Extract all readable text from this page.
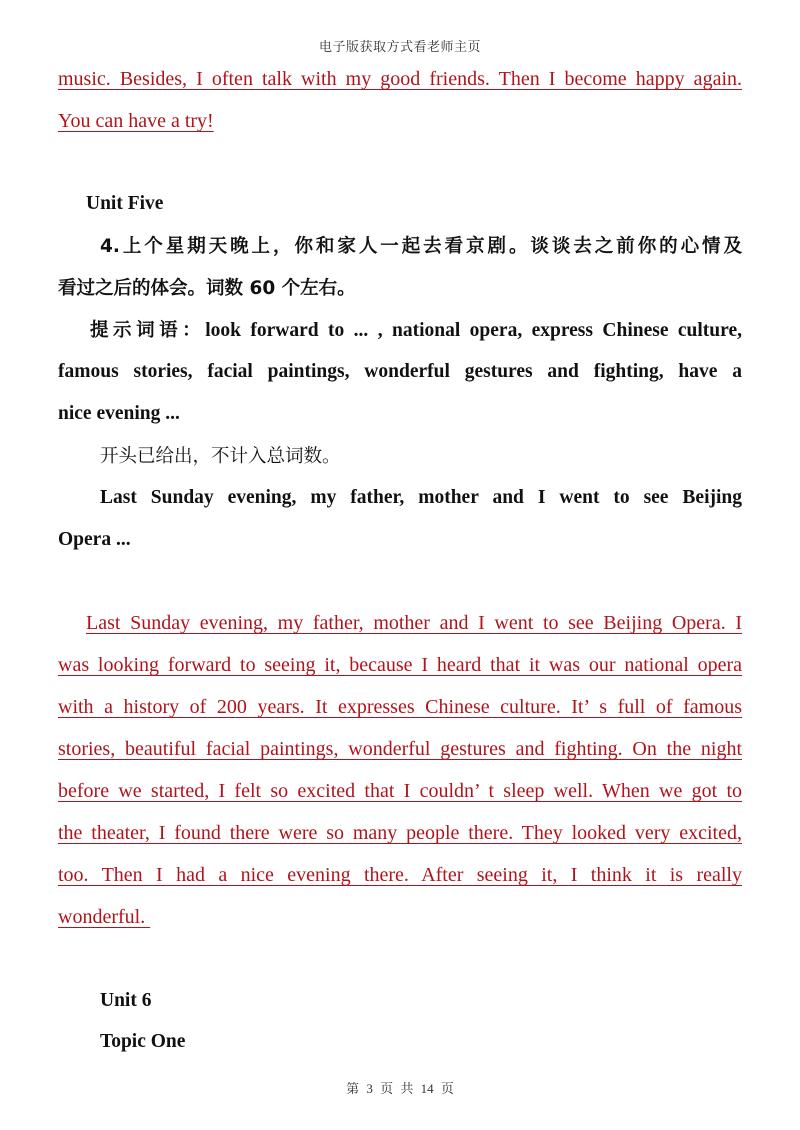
电子版获取方式看老师主页
music. Besides, I often talk with my good friends. Then I become happy again.
You can have a try!
Unit Five
4.上个星期天晚上，你和家人一起去看京剧。谈谈去之前你的心情及
看过之后的体会。词数 60 个左右。
提示词语：look forward to ... , national opera, express Chinese culture,
famous stories, facial paintings, wonderful gestures and fighting, have a
nice evening ...
开头已给出，不计入总词数。
Last Sunday evening, my father, mother and I went to see Beijing
Opera ...
Last Sunday evening, my father, mother and I went to see Beijing Opera. I
was looking forward to seeing it, because I heard that it was our national opera
with a history of 200 years. It expresses Chinese culture. It’ s full of famous
stories, beautiful facial paintings, wonderful gestures and fighting. On the night
before we started, I felt so excited that I couldn’ t sleep well. When we got to
the theater, I found there were so many people there. They looked very excited,
too. Then I had a nice evening there. After seeing it, I think it is really
wonderful.
Unit 6
Topic One
第 3 页 共 14 页
